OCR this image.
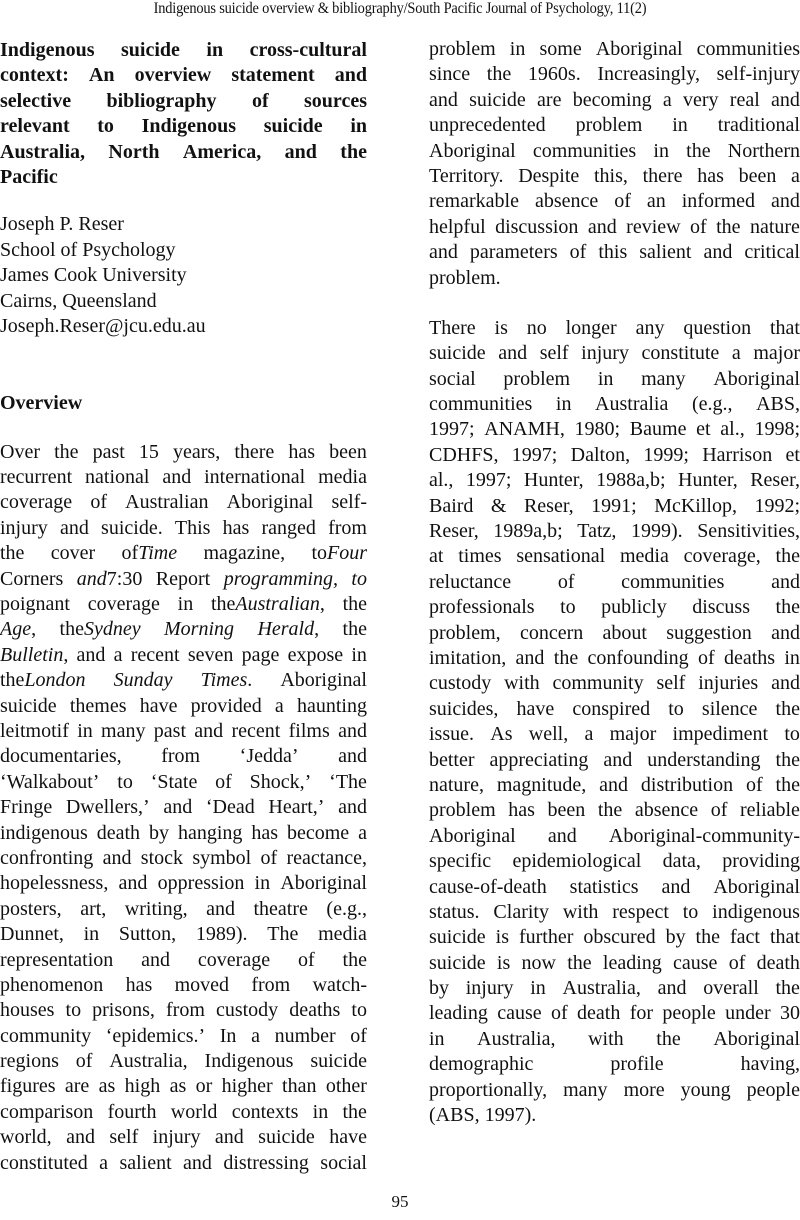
Indigenous suicide overview & bibliography/South Pacific Journal of Psychology, 11(2)
Indigenous suicide in cross-cultural
context: An overview statement and
selective bibliography of sources
relevant to Indigenous suicide in
Australia, North America, and the
Pacific
Joseph P. Reser
School of Psychology
James Cook University
Cairns, Queensland
Joseph.Reser@jcu.edu.au
Overview
Over the past 15 years, there has been
recurrent national and international media
coverage of Australian Aboriginal self-
injury and suicide. This has ranged from
the cover ofTime magazine, toFour
Corners and7:30 Report programming, to
poignant coverage in theAustralian, the
Age, theSydney Morning Herald, the
Bulletin, and a recent seven page expose in
theLondon Sunday Times. Aboriginal
suicide themes have provided a haunting
leitmotif in many past and recent films and
documentaries, from ‘Jedda’ and
‘Walkabout’ to ‘State of Shock,’ ‘The
Fringe Dwellers,’ and ‘Dead Heart,’ and
indigenous death by hanging has become a
confronting and stock symbol of reactance,
hopelessness, and oppression in Aboriginal
posters, art, writing, and theatre (e.g.,
Dunnet, in Sutton, 1989). The media
representation and coverage of the
phenomenon has moved from watch-
houses to prisons, from custody deaths to
community ‘epidemics.’ In a number of
regions of Australia, Indigenous suicide
figures are as high as or higher than other
comparison fourth world contexts in the
world, and self injury and suicide have
constituted a salient and distressing social
problem in some Aboriginal communities
since the 1960s. Increasingly, self-injury
and suicide are becoming a very real and
unprecedented problem in traditional
Aboriginal communities in the Northern
Territory. Despite this, there has been a
remarkable absence of an informed and
helpful discussion and review of the nature
and parameters of this salient and critical
problem.
There is no longer any question that
suicide and self injury constitute a major
social problem in many Aboriginal
communities in Australia (e.g., ABS,
1997; ANAMH, 1980; Baume et al., 1998;
CDHFS, 1997; Dalton, 1999; Harrison et
al., 1997; Hunter, 1988a,b; Hunter, Reser,
Baird & Reser, 1991; McKillop, 1992;
Reser, 1989a,b; Tatz, 1999). Sensitivities,
at times sensational media coverage, the
reluctance of communities and
professionals to publicly discuss the
problem, concern about suggestion and
imitation, and the confounding of deaths in
custody with community self injuries and
suicides, have conspired to silence the
issue. As well, a major impediment to
better appreciating and understanding the
nature, magnitude, and distribution of the
problem has been the absence of reliable
Aboriginal and Aboriginal-community-
specific epidemiological data, providing
cause-of-death statistics and Aboriginal
status. Clarity with respect to indigenous
suicide is further obscured by the fact that
suicide is now the leading cause of death
by injury in Australia, and overall the
leading cause of death for people under 30
in Australia, with the Aboriginal
demographic	profile	having,
proportionally, many more young people
(ABS, 1997).
95
